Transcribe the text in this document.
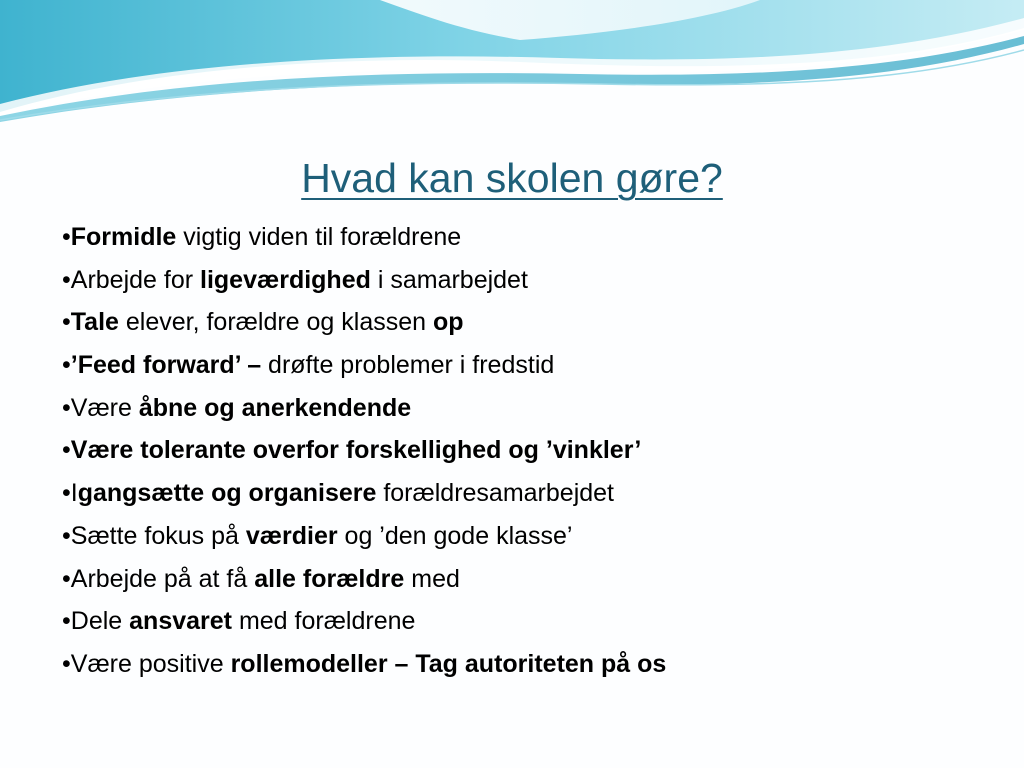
Hvad kan skolen gøre?
•Formidle vigtig viden til forældrene
•Arbejde for ligeværdighed i samarbejdet
•Tale elever, forældre og klassen op
•’Feed forward’ – drøfte problemer i fredstid
•Være åbne og anerkendende
•Være tolerante overfor forskellighed og ’vinkler’
•Igangsætte og organisere forældresamarbejdet
•Sætte fokus på værdier og ’den gode klasse’
•Arbejde på at få alle forældre med
•Dele ansvaret med forældrene
•Være positive rollemodeller – Tag autoriteten på os
